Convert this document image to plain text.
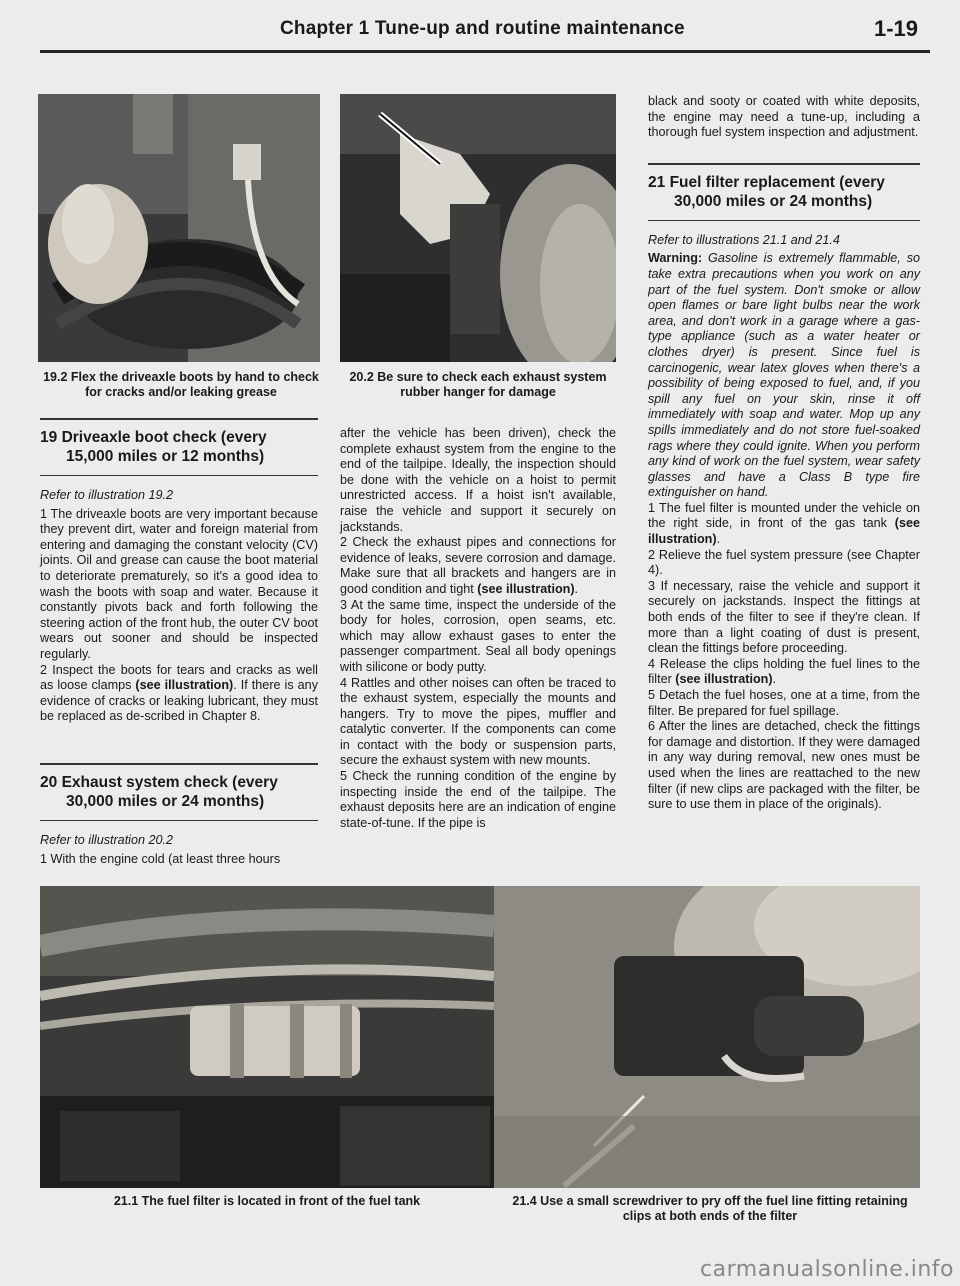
Chapter 1 Tune-up and routine maintenance	1-19
19.2 Flex the driveaxle boots by hand to check for cracks and/or leaking grease
20.2 Be sure to check each exhaust system rubber hanger for damage
19 Driveaxle boot check (every
15,000 miles or 12 months)

Refer to illustration 19.2

1 The driveaxle boots are very important because they prevent dirt, water and foreign material from entering and damaging the constant velocity (CV) joints. Oil and grease can cause the boot material to deteriorate prematurely, so it's a good idea to wash the boots with soap and water. Because it constantly pivots back and forth following the steering action of the front hub, the outer CV boot wears out sooner and should be inspected regularly.

2 Inspect the boots for tears and cracks as well as loose clamps (see illustration). If there is any evidence of cracks or leaking lubricant, they must be replaced as de-scribed in Chapter 8.

20 Exhaust system check (every
30,000 miles or 24 months)

Refer to illustration 20.2

1 With the engine cold (at least three hours

after the vehicle has been driven), check the complete exhaust system from the engine to the end of the tailpipe. Ideally, the inspection should be done with the vehicle on a hoist to permit unrestricted access. If a hoist isn't available, raise the vehicle and support it securely on jackstands.

2 Check the exhaust pipes and connections for evidence of leaks, severe corrosion and damage. Make sure that all brackets and hangers are in good condition and tight (see illustration).

3 At the same time, inspect the underside of the body for holes, corrosion, open seams, etc. which may allow exhaust gases to enter the passenger compartment. Seal all body openings with silicone or body putty.

4 Rattles and other noises can often be traced to the exhaust system, especially the mounts and hangers. Try to move the pipes, muffler and catalytic converter. If the components can come in contact with the body or suspension parts, secure the exhaust system with new mounts.

5 Check the running condition of the engine by inspecting inside the end of the tailpipe. The exhaust deposits here are an indication of engine state-of-tune. If the pipe is

black and sooty or coated with white deposits, the engine may need a tune-up, including a thorough fuel system inspection and adjustment.

21 Fuel filter replacement (every
30,000 miles or 24 months)

Refer to illustrations 21.1 and 21.4

Warning: Gasoline is extremely flammable, so take extra precautions when you work on any part of the fuel system. Don't smoke or allow open flames or bare light bulbs near the work area, and don't work in a garage where a gas-type appliance (such as a water heater or clothes dryer) is present. Since fuel is carcinogenic, wear latex gloves when there's a possibility of being exposed to fuel, and, if you spill any fuel on your skin, rinse it off immediately with soap and water. Mop up any spills immediately and do not store fuel-soaked rags where they could ignite. When you perform any kind of work on the fuel system, wear safety glasses and have a Class B type fire extinguisher on hand.

1 The fuel filter is mounted under the vehicle on the right side, in front of the gas tank (see illustration).

2 Relieve the fuel system pressure (see Chapter 4).

3 If necessary, raise the vehicle and support it securely on jackstands. Inspect the fittings at both ends of the filter to see if they're clean. If more than a light coating of dust is present, clean the fittings before proceeding.

4 Release the clips holding the fuel lines to the filter (see illustration).

5 Detach the fuel hoses, one at a time, from the filter. Be prepared for fuel spillage.

6 After the lines are detached, check the fittings for damage and distortion. If they were damaged in any way during removal, new ones must be used when the lines are reattached to the new filter (if new clips are packaged with the filter, be sure to use them in place of the originals).

21.1 The fuel filter is located in front of the fuel tank	21.4 Use a small screwdriver to pry off the fuel line fitting retaining clips at both ends of the filter
carmanualsonline.info
